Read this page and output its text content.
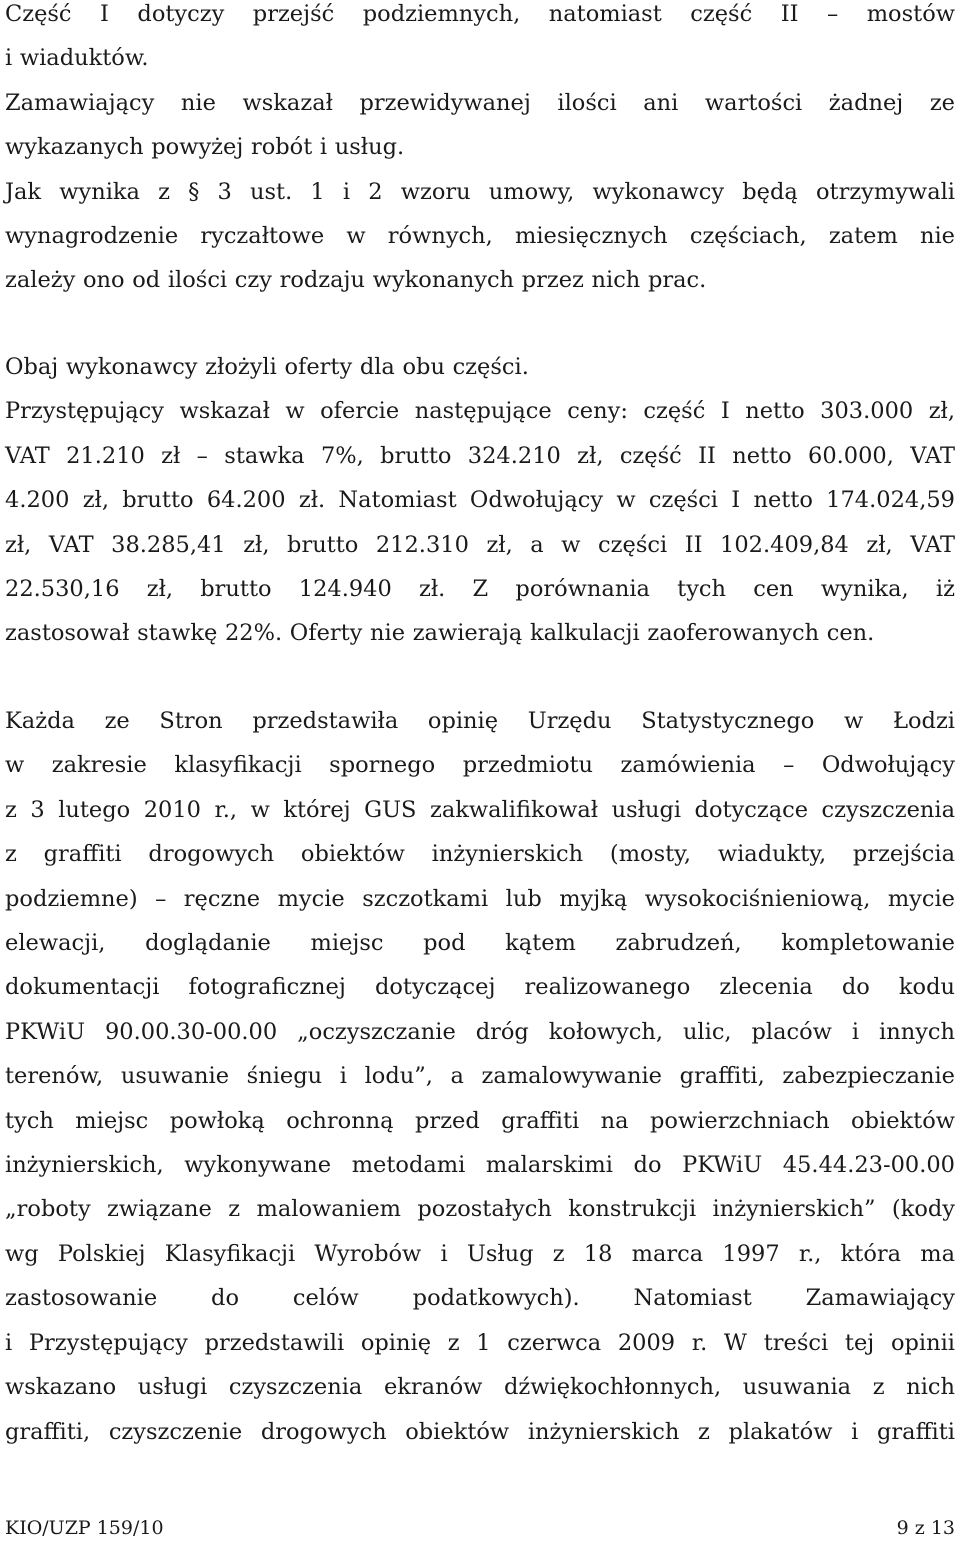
Część I dotyczy przejść podziemnych, natomiast część II – mostów

i wiaduktów.

Zamawiający nie wskazał przewidywanej ilości ani wartości żadnej ze

wykazanych powyżej robót i usług.

Jak wynika z § 3 ust. 1 i 2 wzoru umowy, wykonawcy będą otrzymywali

wynagrodzenie ryczałtowe w równych, miesięcznych częściach, zatem nie

zależy ono od ilości czy rodzaju wykonanych przez nich prac.

Obaj wykonawcy złożyli oferty dla obu części.

Przystępujący wskazał w ofercie następujące ceny: część I netto 303.000 zł,

VAT 21.210 zł – stawka 7%, brutto 324.210 zł, część II netto 60.000, VAT

4.200 zł, brutto 64.200 zł. Natomiast Odwołujący w części I netto 174.024,59

zł, VAT 38.285,41 zł, brutto 212.310 zł, a w części II 102.409,84 zł, VAT

22.530,16 zł, brutto 124.940 zł. Z porównania tych cen wynika, iż

zastosował stawkę 22%. Oferty nie zawierają kalkulacji zaoferowanych cen.

Każda ze Stron przedstawiła opinię Urzędu Statystycznego w Łodzi

w zakresie klasyfikacji spornego przedmiotu zamówienia – Odwołujący

z 3 lutego 2010 r., w której GUS zakwalifikował usługi dotyczące czyszczenia

z graffiti drogowych obiektów inżynierskich (mosty, wiadukty, przejścia

podziemne) – ręczne mycie szczotkami lub myjką wysokociśnieniową, mycie

elewacji, doglądanie miejsc pod kątem zabrudzeń, kompletowanie

dokumentacji fotograficznej dotyczącej realizowanego zlecenia do kodu

PKWiU 90.00.30-00.00 „oczyszczanie dróg kołowych, ulic, placów i innych

terenów, usuwanie śniegu i lodu”, a zamalowywanie graffiti, zabezpieczanie

tych miejsc powłoką ochronną przed graffiti na powierzchniach obiektów

inżynierskich, wykonywane metodami malarskimi do PKWiU 45.44.23-00.00

„roboty związane z malowaniem pozostałych konstrukcji inżynierskich” (kody

wg Polskiej Klasyfikacji Wyrobów i Usług z 18 marca 1997 r., która ma

zastosowanie do celów podatkowych). Natomiast Zamawiający

i Przystępujący przedstawili opinię z 1 czerwca 2009 r. W treści tej opinii

wskazano usługi czyszczenia ekranów dźwiękochłonnych, usuwania z nich

graffiti, czyszczenie drogowych obiektów inżynierskich z plakatów i graffiti

KIO/UZP 159/10	9 z 13
